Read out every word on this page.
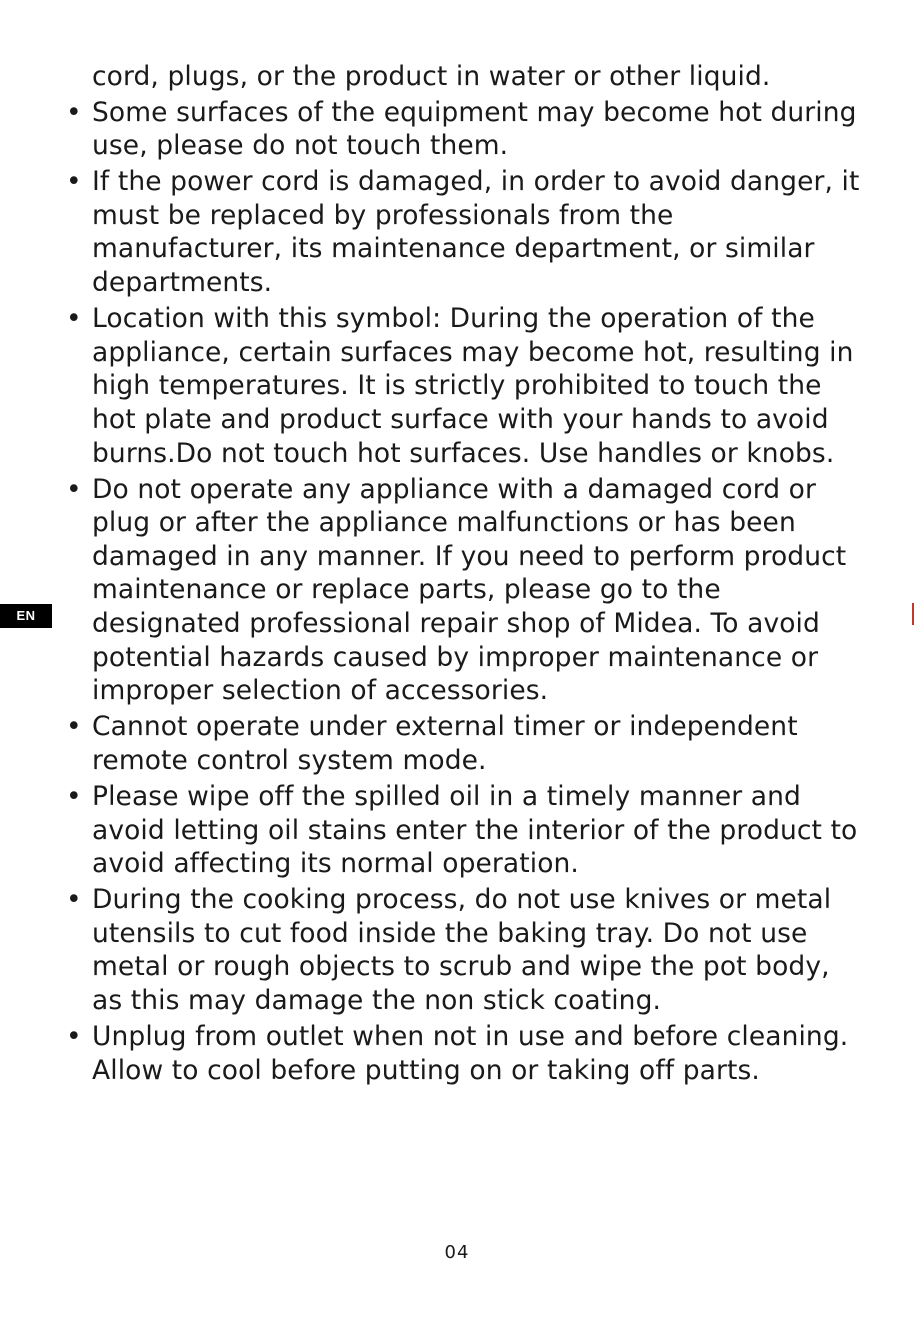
EN

cord, plugs, or the product in water or other liquid.

• Some surfaces of the equipment may become hot during use, please do not touch them.
• If the power cord is damaged, in order to avoid danger, it must be replaced by professionals from the manufacturer, its maintenance department, or similar departments.
• Location with this symbol: During the operation of the appliance, certain surfaces may become hot, resulting in high temperatures. It is strictly prohibited to touch the hot plate and product surface with your hands to avoid burns.Do not touch hot surfaces. Use handles or knobs.
• Do not operate any appliance with a damaged cord or plug or after the appliance malfunctions or has been damaged in any manner. If you need to perform product maintenance or replace parts, please go to the designated professional repair shop of Midea. To avoid potential hazards caused by improper maintenance or improper selection of accessories.
• Cannot operate under external timer or independent remote control system mode.
• Please wipe off the spilled oil in a timely manner and avoid letting oil stains enter the interior of the product to avoid affecting its normal operation.
• During the cooking process, do not use knives or metal utensils to cut food inside the baking tray. Do not use metal or rough objects to scrub and wipe the pot body, as this may damage the non stick coating.
• Unplug from outlet when not in use and before cleaning. Allow to cool before putting on or taking off parts.
04
